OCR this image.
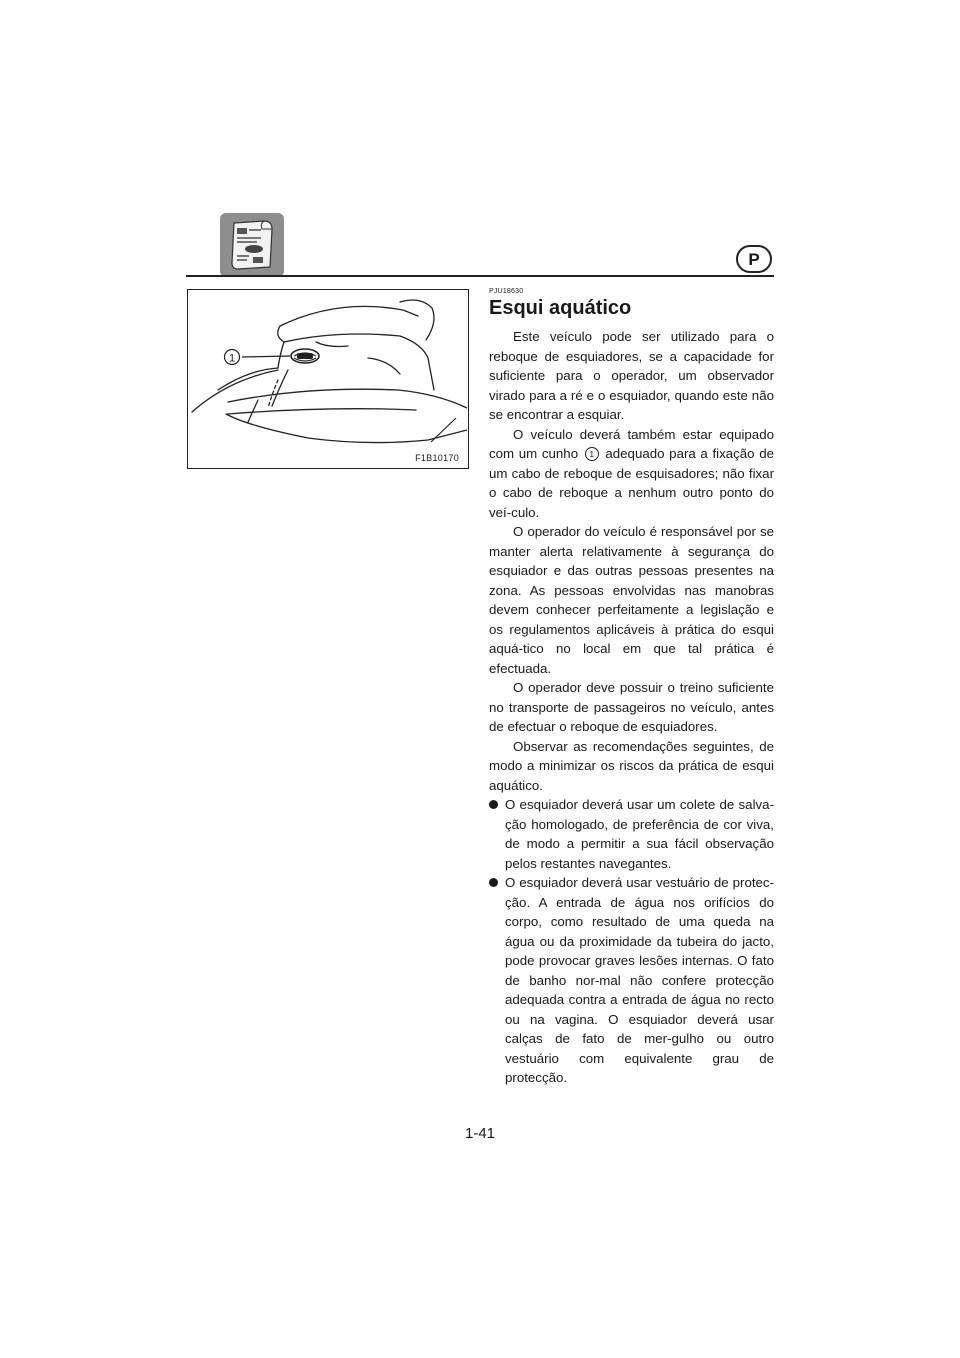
P
1
F1B10170
PJU18630
Esqui aquático

Este veículo pode ser utilizado para o reboque de esquiadores, se a capacidade for suficiente para o operador, um observador virado para a ré e o esquiador, quando este não se encontrar a esquiar.

O veículo deverá também estar equipado com um cunho 1 adequado para a fixação de um cabo de reboque de esquisadores; não fixar o cabo de reboque a nenhum outro ponto do veí-culo.

O operador do veículo é responsável por se manter alerta relativamente à segurança do esquiador e das outras pessoas presentes na zona. As pessoas envolvidas nas manobras devem conhecer perfeitamente a legislação e os regulamentos aplicáveis à prática do esqui aquá-tico no local em que tal prática é efectuada.

O operador deve possuir o treino suficiente no transporte de passageiros no veículo, antes de efectuar o reboque de esquiadores.

Observar as recomendações seguintes, de modo a minimizar os riscos da prática de esqui aquático.

O esquiador deverá usar um colete de salva-ção homologado, de preferência de cor viva, de modo a permitir a sua fácil observação pelos restantes navegantes.
O esquiador deverá usar vestuário de protec-ção. A entrada de água nos orifícios do corpo, como resultado de uma queda na água ou da proximidade da tubeira do jacto, pode provocar graves lesões internas. O fato de banho nor-mal não confere protecção adequada contra a entrada de água no recto ou na vagina. O esquiador deverá usar calças de fato de mer-gulho ou outro vestuário com equivalente grau de protecção.
1-41
